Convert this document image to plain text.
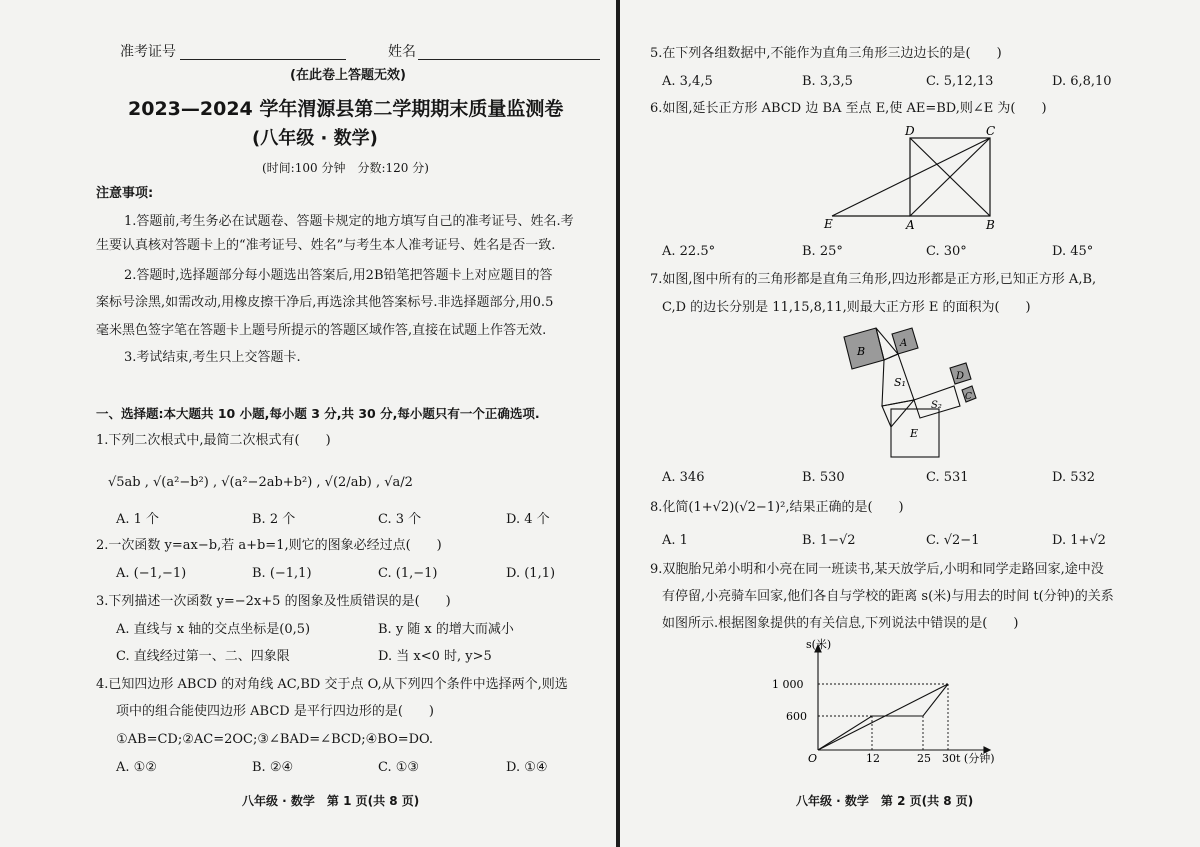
准考证号	姓名
(在此卷上答题无效)
2023—2024 学年渭源县第二学期期末质量监测卷
(八年级 · 数学)
(时间:100 分钟　分数:120 分)
注意事项:
1.答题前,考生务必在试题卷、答题卡规定的地方填写自己的准考证号、姓名.考
生要认真核对答题卡上的“准考证号、姓名”与考生本人准考证号、姓名是否一致.
2.答题时,选择题部分每小题选出答案后,用2B铅笔把答题卡上对应题目的答
案标号涂黑,如需改动,用橡皮擦干净后,再选涂其他答案标号.非选择题部分,用0.5
毫米黑色签字笔在答题卡上题号所提示的答题区域作答,直接在试题上作答无效.
3.考试结束,考生只上交答题卡.
一、选择题:本大题共 10 小题,每小题 3 分,共 30 分,每小题只有一个正确选项.
1.下列二次根式中,最简二次根式有(　　)
√5ab , √(a²−b²) , √(a²−2ab+b²) , √(2/ab) , √a/2
A. 1 个	B. 2 个	C. 3 个	D. 4 个
2.一次函数 y=ax−b,若 a+b=1,则它的图象必经过点(　　)
A. (−1,−1)	B. (−1,1)	C. (1,−1)	D. (1,1)
3.下列描述一次函数 y=−2x+5 的图象及性质错误的是(　　)
A. 直线与 x 轴的交点坐标是(0,5)	B. y 随 x 的增大而减小
C. 直线经过第一、二、四象限	D. 当 x<0 时, y>5
4.已知四边形 ABCD 的对角线 AC,BD 交于点 O,从下列四个条件中选择两个,则选
项中的组合能使四边形 ABCD 是平行四边形的是(　　)
①AB=CD;②AC=2OC;③∠BAD=∠BCD;④BO=DO.
A. ①②	B. ②④	C. ①③	D. ①④
八年级 · 数学　第 1 页(共 8 页)
5.在下列各组数据中,不能作为直角三角形三边边长的是(　　)
A. 3,4,5	B. 3,3,5	C. 5,12,13	D. 6,8,10
6.如图,延长正方形 ABCD 边 BA 至点 E,使 AE=BD,则∠E 为(　　)
D	C
E	A	B
A. 22.5°	B. 25°	C. 30°	D. 45°
7.如图,图中所有的三角形都是直角三角形,四边形都是正方形,已知正方形 A,B,
C,D 的边长分别是 11,15,8,11,则最大正方形 E 的面积为(　　)
B
A
S₁
S₂
D
C
E
A. 346	B. 530	C. 531	D. 532
8.化简(1+√2)(√2−1)²,结果正确的是(　　)
A. 1	B. 1−√2	C. √2−1	D. 1+√2
9.双胞胎兄弟小明和小亮在同一班读书,某天放学后,小明和同学走路回家,途中没
有停留,小亮骑车回家,他们各自与学校的距离 s(米)与用去的时间 t(分钟)的关系
如图所示.根据图象提供的有关信息,下列说法中错误的是(　　)
s(米)
1 000
600
O	12	25 30 t (分钟)
八年级 · 数学　第 2 页(共 8 页)
